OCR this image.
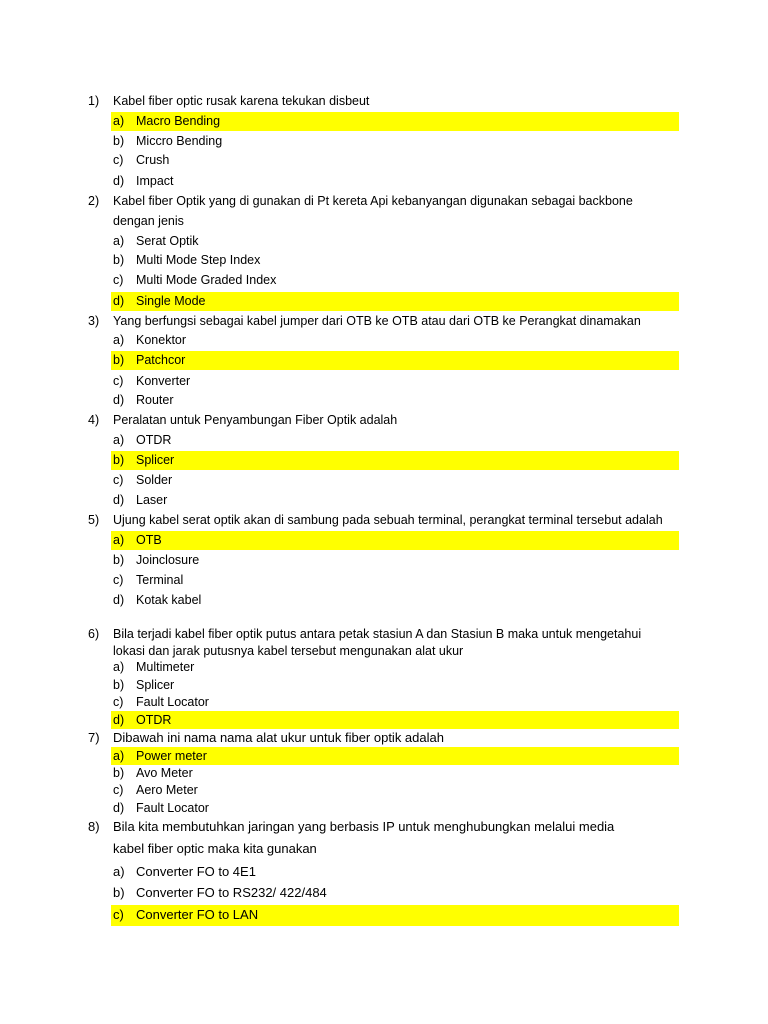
1)	Kabel fiber optic rusak karena tekukan disbeut
a) Macro Bending
b) Miccro Bending
c) Crush
d) Impact
2)	Kabel fiber Optik yang di gunakan di Pt kereta Api kebanyangan digunakan sebagai backbone
dengan jenis
a) Serat Optik
b) Multi Mode Step Index
c) Multi Mode Graded Index
d) Single Mode
3)	Yang berfungsi sebagai kabel jumper dari OTB ke OTB atau dari OTB ke Perangkat dinamakan
a) Konektor
b) Patchcor
c) Konverter
d) Router
4)	Peralatan untuk Penyambungan Fiber Optik adalah
a) OTDR
b) Splicer
c) Solder
d) Laser
5)	Ujung kabel serat optik akan di sambung pada sebuah terminal, perangkat terminal tersebut adalah
a) OTB
b) Joinclosure
c) Terminal
d) Kotak kabel
6)	Bila terjadi kabel fiber optik putus antara petak stasiun A dan Stasiun B maka untuk mengetahui
lokasi dan jarak putusnya kabel tersebut mengunakan alat ukur
a) Multimeter
b) Splicer
c) Fault Locator
d) OTDR
7)	Dibawah ini nama nama alat ukur untuk fiber optik adalah
a) Power meter
b) Avo Meter
c) Aero Meter
d) Fault Locator
8)	Bila kita membutuhkan jaringan yang berbasis IP untuk menghubungkan melalui media
kabel fiber optic maka kita gunakan
a) Converter FO to 4E1
b) Converter FO to RS232/ 422/484
c) Converter FO to LAN
